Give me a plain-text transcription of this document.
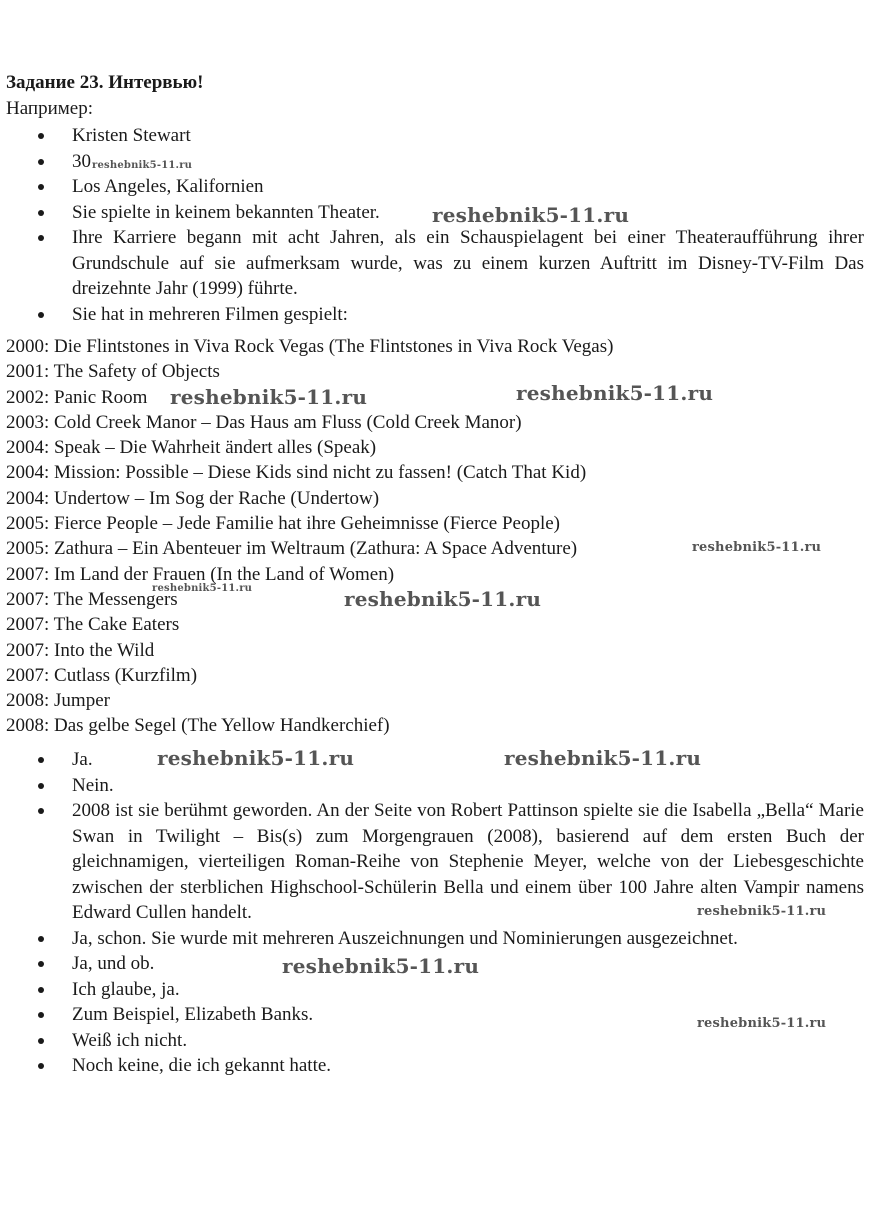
Задание 23. Интервью!
Например:
Kristen Stewart
30
Los Angeles, Kalifornien
Sie spielte in keinem bekannten Theater.
Ihre Karriere begann mit acht Jahren, als ein Schauspielagent bei einer Theateraufführung ihrer Grundschule auf sie aufmerksam wurde, was zu einem kurzen Auftritt im Disney-TV-Film Das dreizehnte Jahr (1999) führte.
Sie hat in mehreren Filmen gespielt:
2000: Die Flintstones in Viva Rock Vegas (The Flintstones in Viva Rock Vegas)
2001: The Safety of Objects
2002: Panic Room
2003: Cold Creek Manor – Das Haus am Fluss (Cold Creek Manor)
2004: Speak – Die Wahrheit ändert alles (Speak)
2004: Mission: Possible – Diese Kids sind nicht zu fassen! (Catch That Kid)
2004: Undertow – Im Sog der Rache (Undertow)
2005: Fierce People – Jede Familie hat ihre Geheimnisse (Fierce People)
2005: Zathura – Ein Abenteuer im Weltraum (Zathura: A Space Adventure)
2007: Im Land der Frauen (In the Land of Women)
2007: The Messengers
2007: The Cake Eaters
2007: Into the Wild
2007: Cutlass (Kurzfilm)
2008: Jumper
2008: Das gelbe Segel (The Yellow Handkerchief)
Ja.
Nein.
2008 ist sie berühmt geworden. An der Seite von Robert Pattinson spielte sie die Isabella „Bella“ Marie Swan in Twilight – Bis(s) zum Morgengrauen (2008), basierend auf dem ersten Buch der gleichnamigen, vierteiligen Roman-Reihe von Stephenie Meyer, welche von der Liebesgeschichte zwischen der sterblichen Highschool-Schülerin Bella und einem über 100 Jahre alten Vampir namens Edward Cullen handelt.
Ja, schon. Sie wurde mit mehreren Auszeichnungen und Nominierungen ausgezeichnet.
Ja, und ob.
Ich glaube, ja.
Zum Beispiel, Elizabeth Banks.
Weiß ich nicht.
Noch keine, die ich gekannt hatte.
reshebnik5-11.ru
reshebnik5-11.ru
reshebnik5-11.ru	reshebnik5-11.ru
reshebnik5-11.ru
reshebnik5-11.ru	reshebnik5-11.ru
reshebnik5-11.ru	reshebnik5-11.ru
reshebnik5-11.ru
reshebnik5-11.ru
reshebnik5-11.ru
